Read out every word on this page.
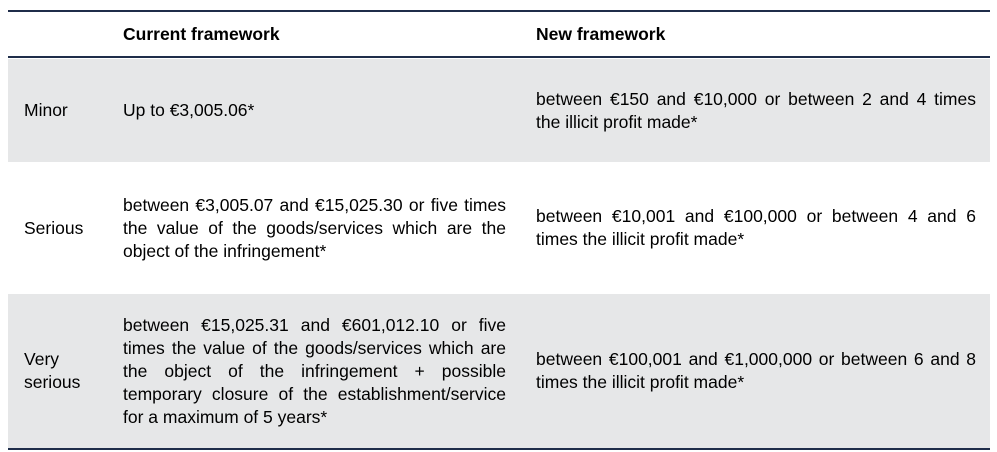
Current framework	New framework
Minor	Up to €3,005.06*
between €150 and €10,000 or between 2 and 4 times the illicit profit made*
Serious
between €3,005.07 and €15,025.30 or five times the value of the goods/services which are the object of the infringement*
between €10,001 and €100,000 or between 4 and 6 times the illicit profit made*
Very serious
between €15,025.31 and €601,012.10 or five times the value of the goods/services which are the object of the infringement + possible temporary closure of the establishment/service for a maximum of 5 years*
between €100,001 and €1,000,000 or between 6 and 8 times the illicit profit made*
